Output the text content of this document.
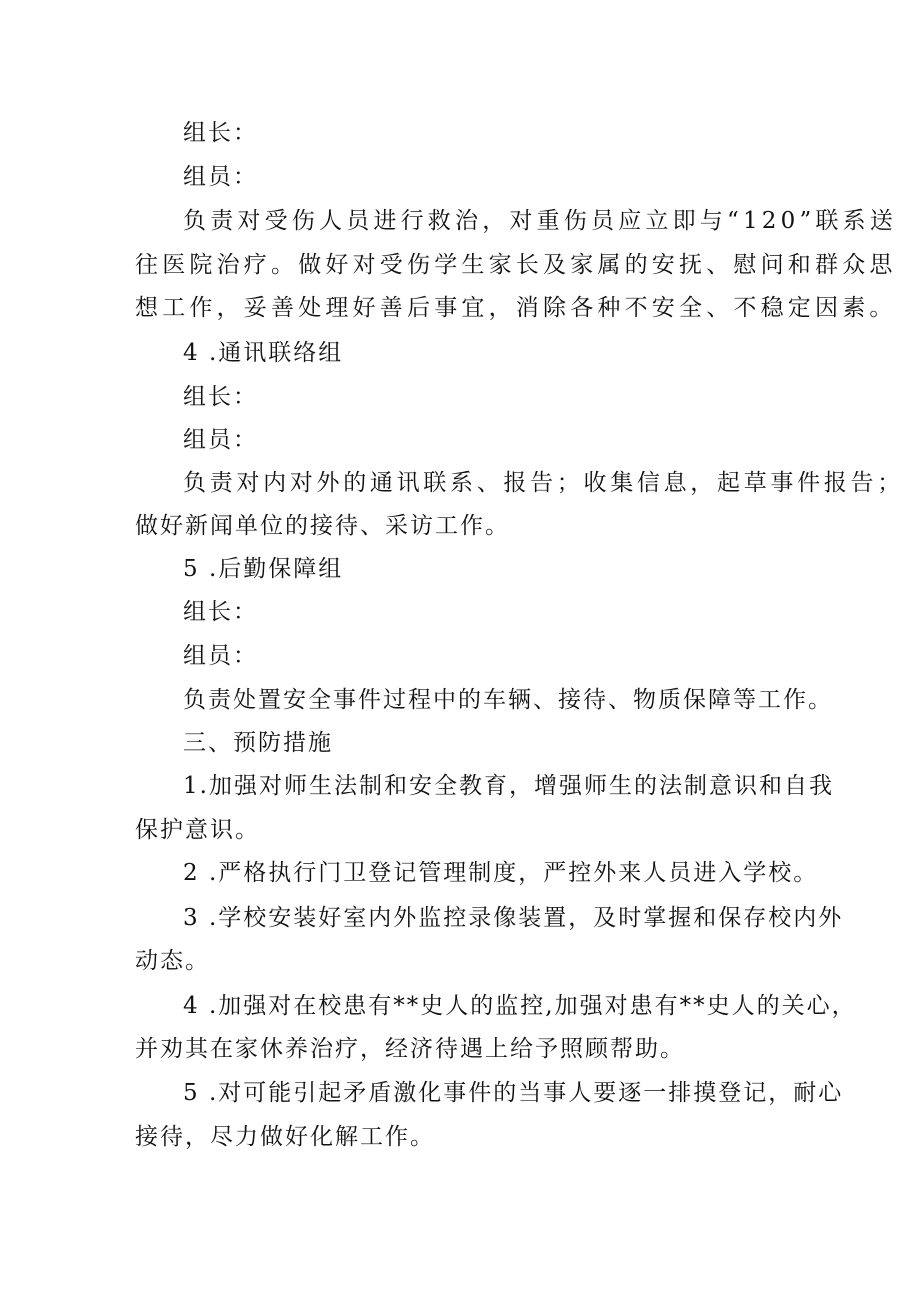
组长：
组员：
负责对受伤人员进行救治，对重伤员应立即与“120”联系送
往医院治疗。做好对受伤学生家长及家属的安抚、慰问和群众思
想工作，妥善处理好善后事宜，消除各种不安全、不稳定因素。
4 .通讯联络组
组长：
组员：
负责对内对外的通讯联系、报告；收集信息，起草事件报告；
做好新闻单位的接待、采访工作。
5 .后勤保障组
组长：
组员：
负责处置安全事件过程中的车辆、接待、物质保障等工作。
三、预防措施
1.加强对师生法制和安全教育，增强师生的法制意识和自我
保护意识。
2 .严格执行门卫登记管理制度，严控外来人员进入学校。
3 .学校安装好室内外监控录像装置，及时掌握和保存校内外
动态。
4 .加强对在校患有**史人的监控,加强对患有**史人的关心，
并劝其在家休养治疗，经济待遇上给予照顾帮助。
5 .对可能引起矛盾激化事件的当事人要逐一排摸登记，耐心
接待，尽力做好化解工作。
